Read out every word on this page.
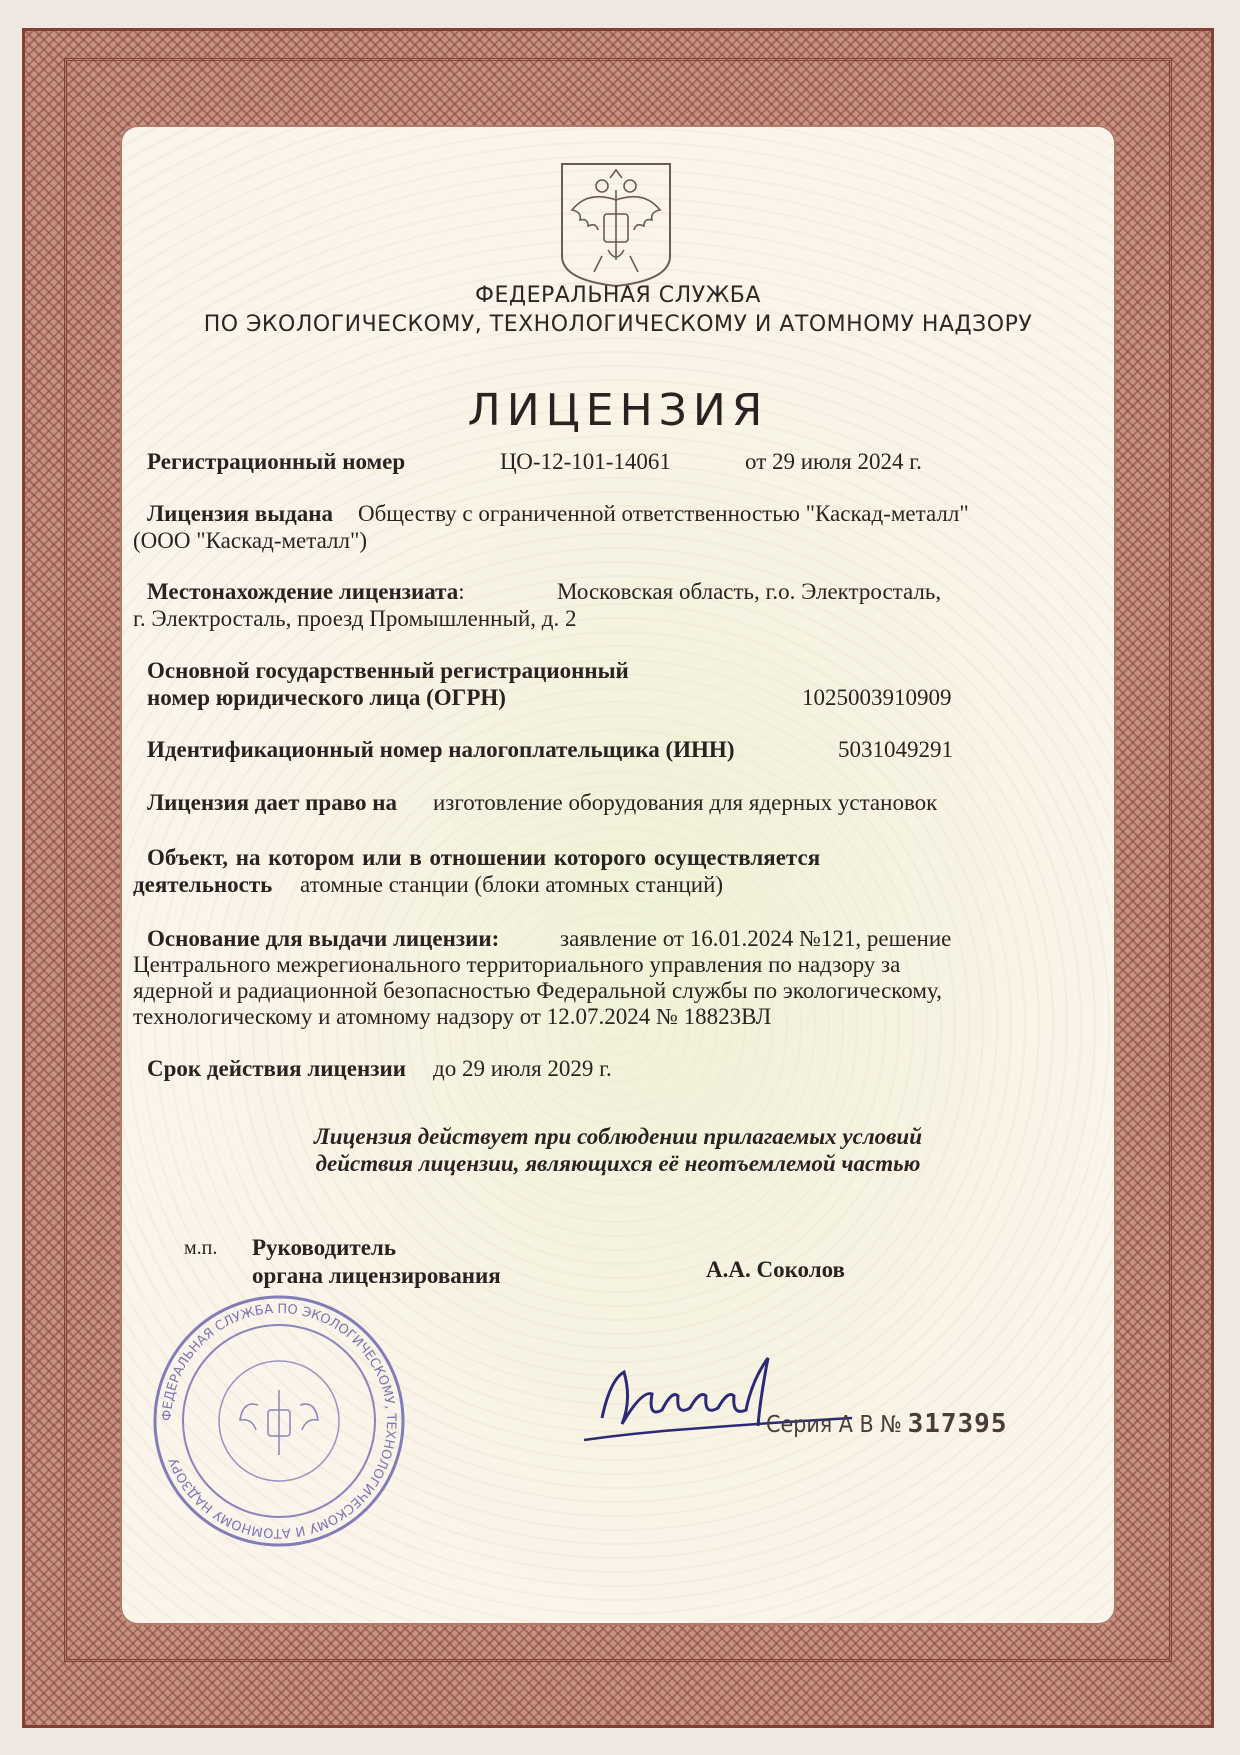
ФЕДЕРАЛЬНАЯ СЛУЖБА
ПО ЭКОЛОГИЧЕСКОМУ, ТЕХНОЛОГИЧЕСКОМУ И АТОМНОМУ НАДЗОРУ
ЛИЦЕНЗИЯ
Регистрационный номер	ЦО-12-101-14061	от 29 июля 2024 г.
Лицензия выдана Обществу с ограниченной ответственностью "Каскад-металл"
(ООО "Каскад-металл")
Местонахождение лицензиата:	Московская область, г.о. Электросталь,
г. Электросталь, проезд Промышленный, д. 2
Основной государственный регистрационный
номер юридического лица (ОГРН)	1025003910909
Идентификационный номер налогоплательщика (ИНН)	5031049291
Лицензия дает право на изготовление оборудования для ядерных установок
Объект, на котором или в отношении которого осуществляется
деятельность атомные станции (блоки атомных станций)
Основание для выдачи лицензии:	заявление от 16.01.2024 №121, решение
Центрального межрегионального территориального управления по надзору за
ядерной и радиационной безопасностью Федеральной службы по экологическому,
технологическому и атомному надзору от 12.07.2024 № 18823ВЛ
Срок действия лицензии до 29 июля 2029 г.
Лицензия действует при соблюдении прилагаемых условий
действия лицензии, являющихся её неотъемлемой частью
ФЕДЕРАЛЬНАЯ СЛУЖБА ПО ЭКОЛОГИЧЕСКОМУ, ТЕХНОЛОГИЧЕСКОМУ И АТОМНОМУ НАДЗОРУ
м.п. Руководитель
органа лицензирования	А.А. Соколов
Серия А В № 317395
